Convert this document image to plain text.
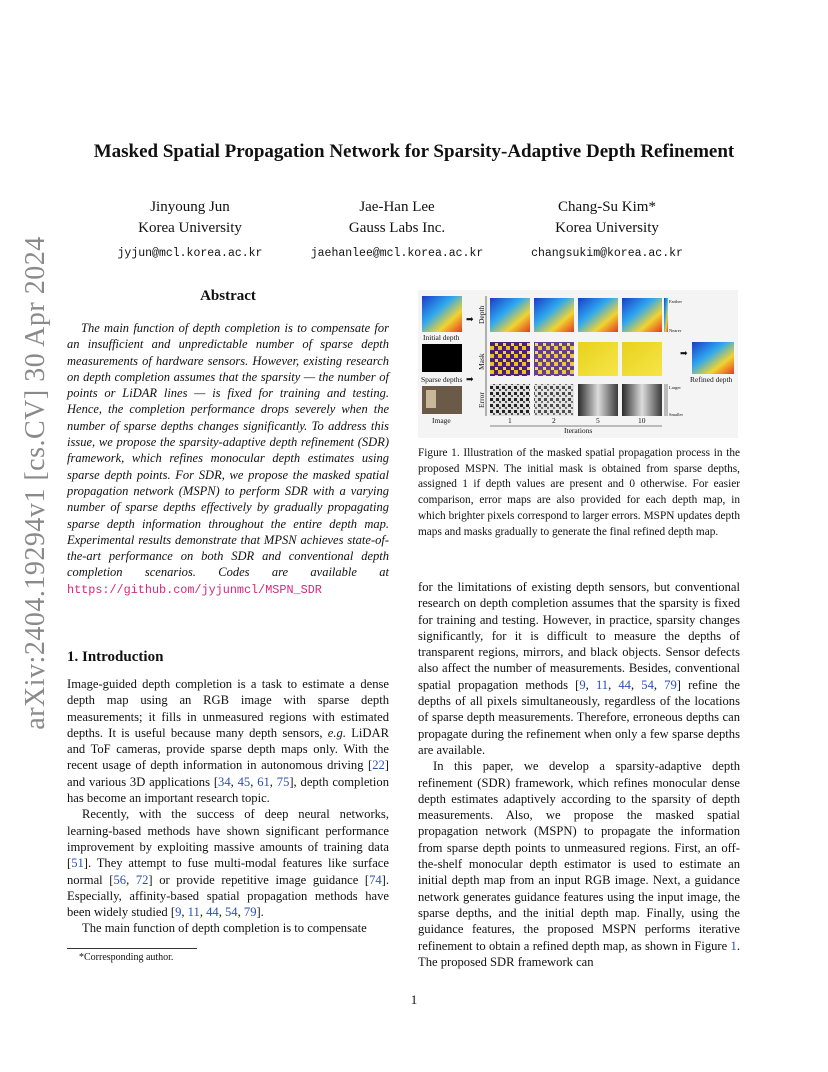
arXiv:2404.19294v1 [cs.CV] 30 Apr 2024
Masked Spatial Propagation Network for Sparsity-Adaptive Depth Refinement
Jinyoung Jun
Korea University
jyjun@mcl.korea.ac.kr
Jae-Han Lee
Gauss Labs Inc.
jaehanlee@mcl.korea.ac.kr
Chang-Su Kim*
Korea University
changsukim@korea.ac.kr
Abstract
The main function of depth completion is to compensate for an insufficient and unpredictable number of sparse depth measurements of hardware sensors. However, existing research on depth completion assumes that the sparsity — the number of points or LiDAR lines — is fixed for training and testing. Hence, the completion performance drops severely when the number of sparse depths changes significantly. To address this issue, we propose the sparsity-adaptive depth refinement (SDR) framework, which refines monocular depth estimates using sparse depth points. For SDR, we propose the masked spatial propagation network (MSPN) to perform SDR with a varying number of sparse depths effectively by gradually propagating sparse depth information throughout the entire depth map. Experimental results demonstrate that MPSN achieves state-of-the-art performance on both SDR and conventional depth completion scenarios. Codes are available at https://github.com/jyjunmcl/MSPN_SDR
1. Introduction

Image-guided depth completion is a task to estimate a dense depth map using an RGB image with sparse depth measurements; it fills in unmeasured regions with estimated depths. It is useful because many depth sensors, e.g. LiDAR and ToF cameras, provide sparse depth maps only. With the recent usage of depth information in autonomous driving [22] and various 3D applications [34, 45, 61, 75], depth completion has become an important research topic.

Recently, with the success of deep neural networks, learning-based methods have shown significant performance improvement by exploiting massive amounts of training data [51]. They attempt to fuse multi-modal features like surface normal [56, 72] or provide repetitive image guidance [74]. Especially, affinity-based spatial propagation methods have been widely studied [9, 11, 44, 54, 79].

The main function of depth completion is to compensate

*Corresponding author.
1
Initial depth
Sparse depths
Image
Depth
Mask
Error
Farther
Nearer
Larger
Smaller
1	2	5	10
Iterations
➡
➡
➡
Refined depth
Figure 1. Illustration of the masked spatial propagation process in the proposed MSPN. The initial mask is obtained from sparse depths, assigned 1 if depth values are present and 0 otherwise. For easier comparison, error maps are also provided for each depth map, in which brighter pixels correspond to larger errors. MSPN updates depth maps and masks gradually to generate the final refined depth map.

for the limitations of existing depth sensors, but conventional research on depth completion assumes that the sparsity is fixed for training and testing. However, in practice, sparsity changes significantly, for it is difficult to measure the depths of transparent regions, mirrors, and black objects. Sensor defects also affect the number of measurements. Besides, conventional spatial propagation methods [9, 11, 44, 54, 79] refine the depths of all pixels simultaneously, regardless of the locations of sparse depth measurements. Therefore, erroneous depths can propagate during the refinement when only a few sparse depths are available.

In this paper, we develop a sparsity-adaptive depth refinement (SDR) framework, which refines monocular dense depth estimates adaptively according to the sparsity of depth measurements. Also, we propose the masked spatial propagation network (MSPN) to propagate the information from sparse depth points to unmeasured regions. First, an off-the-shelf monocular depth estimator is used to estimate an initial depth map from an input RGB image. Next, a guidance network generates guidance features using the input image, the sparse depths, and the initial depth map. Finally, using the guidance features, the proposed MSPN performs iterative refinement to obtain a refined depth map, as shown in Figure 1. The proposed SDR framework can
